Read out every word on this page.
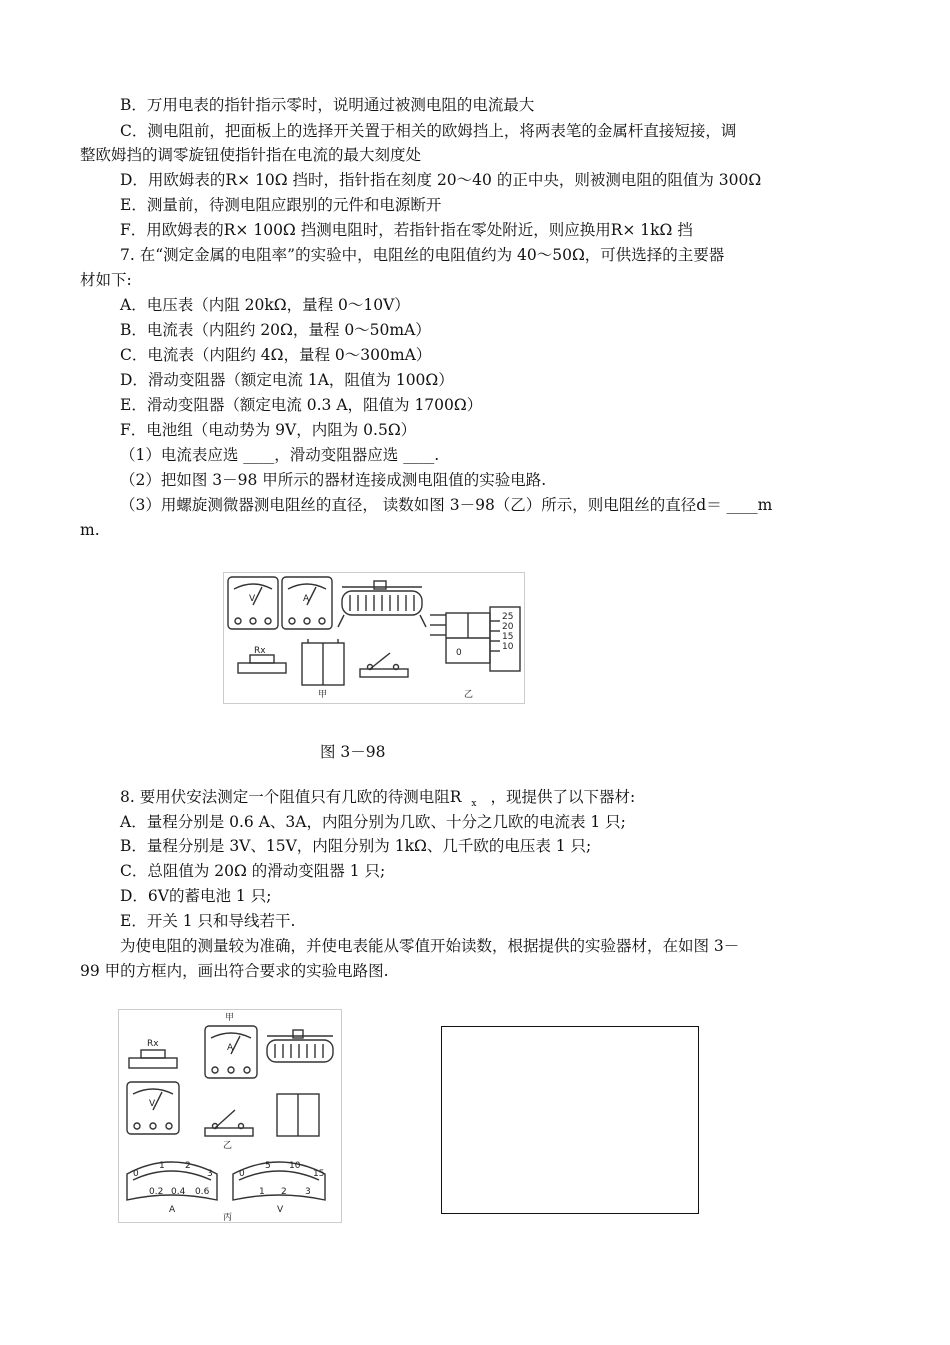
B．万用电表的指针指示零时，说明通过被测电阻的电流最大
C．测电阻前，把面板上的选择开关置于相关的欧姆挡上，将两表笔的金属杆直接短接，调
整欧姆挡的调零旋钮使指针指在电流的最大刻度处
D．用欧姆表的R× 10Ω 挡时，指针指在刻度 20～40 的正中央，则被测电阻的阻值为 300Ω
E．测量前，待测电阻应跟别的元件和电源断开
F．用欧姆表的R× 100Ω 挡测电阻时，若指针指在零处附近，则应换用R× 1kΩ 挡
7. 在“测定金属的电阻率”的实验中，电阻丝的电阻值约为 40～50Ω，可供选择的主要器
材如下:
A．电压表（内阻 20kΩ，量程 0～10V）
B．电流表（内阻约 20Ω，量程 0～50mA）
C．电流表（内阻约 4Ω，量程 0～300mA）
D．滑动变阻器（额定电流 1A，阻值为 100Ω）
E．滑动变阻器（额定电流 0.3 A，阻值为 1700Ω）
F．电池组（电动势为 9V，内阻为 0.5Ω）
（1）电流表应选 ____，滑动变阻器应选 ____.
（2）把如图 3－98 甲所示的器材连接成测电阻值的实验电路.
（3）用螺旋测微器测电阻丝的直径， 读数如图 3－98（乙）所示，则电阻丝的直径d＝ ____m
m.
V	A
Rx
甲	乙
25
20
15
10
0
图 3－98
8. 要用伏安法测定一个阻值只有几欧的待测电阻R $_x$ ，现提供了以下器材:
A．量程分别是 0.6 A、3A，内阻分别为几欧、十分之几欧的电流表 1 只;
B．量程分别是 3V、15V，内阻分别为 1kΩ、几千欧的电压表 1 只;
C．总阻值为 20Ω 的滑动变阻器 1 只;
D．6V的蓄电池 1 只;
E．开关 1 只和导线若干.
为使电阻的测量较为准确，并使电表能从零值开始读数，根据提供的实验器材，在如图 3－
99 甲的方框内，画出符合要求的实验电路图.
甲
Rx	A
V
乙
0
1 2
3
0.2 0.4 0.6
0
5 10
15
1 2 3
A	V
丙
